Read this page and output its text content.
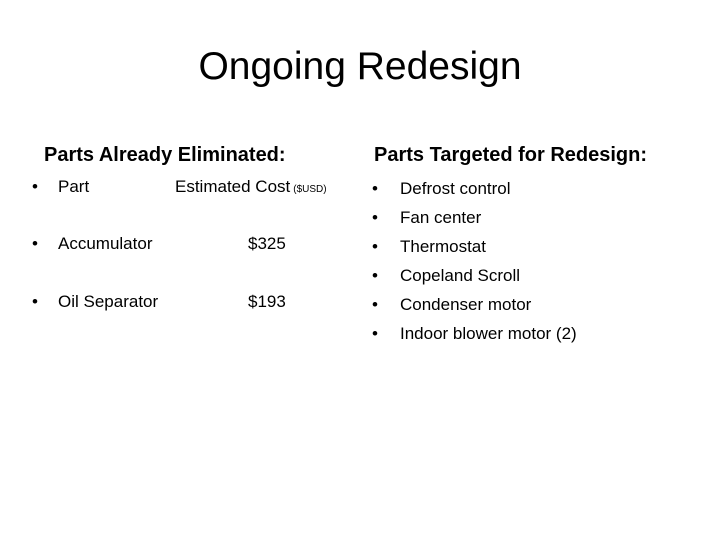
Ongoing Redesign
Parts Already Eliminated:
• Part	Estimated Cost ($USD)
• Accumulator	$325
• Oil Separator	$193
Parts Targeted for Redesign:
• Defrost control
• Fan center
• Thermostat
• Copeland Scroll
• Condenser motor
• Indoor blower motor (2)
